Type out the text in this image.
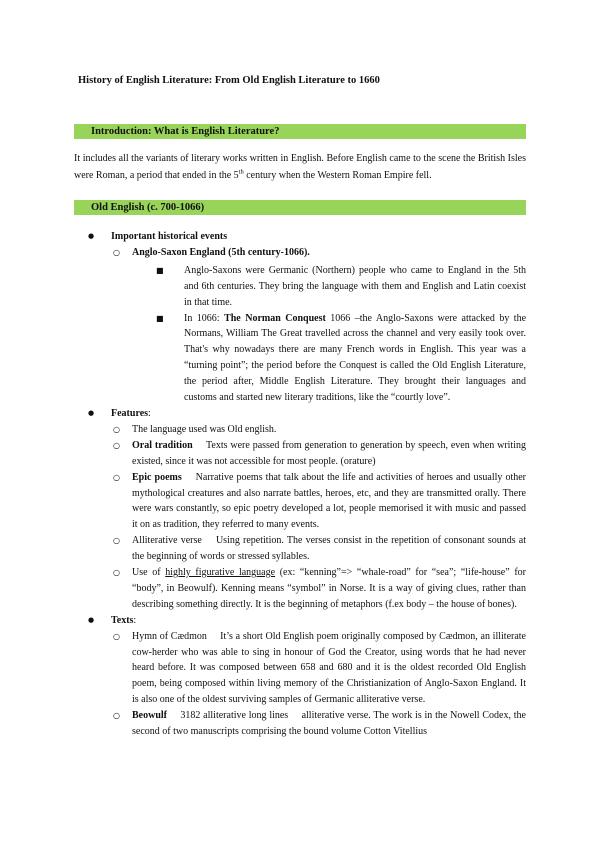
History of English Literature: From Old English Literature to 1660
Introduction: What is English Literature?

It includes all the variants of literary works written in English. Before English came to the scene the British Isles were Roman, a period that ended in the 5th century when the Western Roman Empire fell.

Old English (c. 700-1066)
● Important historical events
○ Anglo-Saxon England (5th century-1066).
■ Anglo-Saxons were Germanic (Northern) people who came to England in the 5th and 6th centuries. They bring the language with them and English and Latin coexist in that time.
■ In 1066: The Norman Conquest 1066 –the Anglo-Saxons were attacked by the Normans, William The Great travelled across the channel and very easily took over. That's why nowadays there are many French words in English. This year was a “turning point”; the period before the Conquest is called the Old English Literature, the period after, Middle English Literature. They brought their languages and customs and started new literary traditions, like the “courtly love”.
● Features:
○ The language used was Old english.
○ Oral tradition   Texts were passed from generation to generation by speech, even when writing existed, since it was not accessible for most people. (orature)
○ Epic poems   Narrative poems that talk about the life and activities of heroes and usually other mythological creatures and also narrate battles, heroes, etc, and they are transmitted orally. There were wars constantly, so epic poetry developed a lot, people memorised it with music and passed it on as tradition, they referred to many events.
○ Alliterative verse   Using repetition. The verses consist in the repetition of consonant sounds at the beginning of words or stressed syllables.
○ Use of highly figurative language (ex: “kenning”=> “whale-road” for “sea”; “life-house” for “body”, in Beowulf). Kenning means “symbol” in Norse. It is a way of giving clues, rather than describing something directly. It is the beginning of metaphors (f.ex body – the house of bones).
● Texts:
○ Hymn of Cædmon   It’s a short Old English poem originally composed by Cædmon, an illiterate cow-herder who was able to sing in honour of God the Creator, using words that he had never heard before. It was composed between 658 and 680 and it is the oldest recorded Old English poem, being composed within living memory of the Christianization of Anglo-Saxon England. It is also one of the oldest surviving samples of Germanic alliterative verse.
○ Beowulf   3182 alliterative long lines   alliterative verse. The work is in the Nowell Codex, the second of two manuscripts comprising the bound volume Cotton Vitellius
